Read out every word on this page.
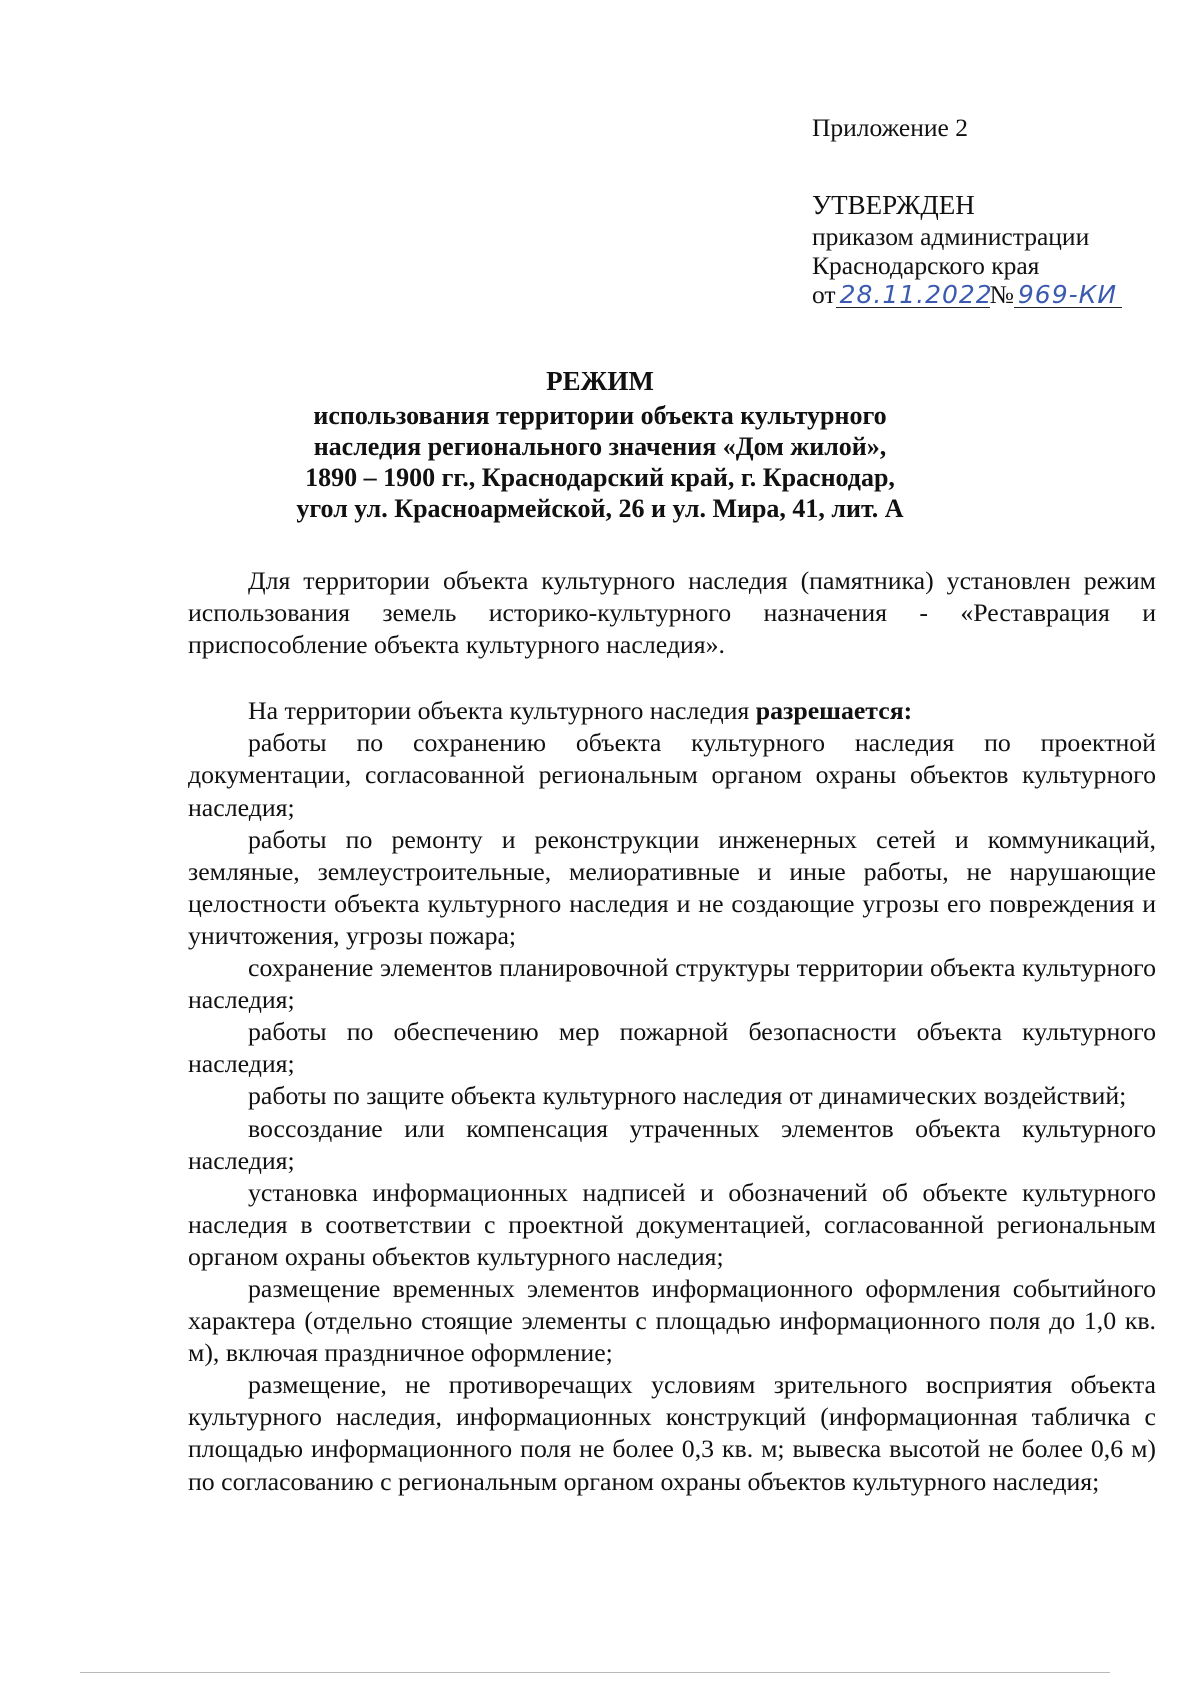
Приложение 2
УТВЕРЖДЕН
приказом администрации
Краснодарского края
от 28.11.2022№ 969-КИ
РЕЖИМ
использования территории объекта культурного
наследия регионального значения «Дом жилой»,
1890 – 1900 гг., Краснодарский край, г. Краснодар,
угол ул. Красноармейской, 26 и ул. Мира, 41, лит. А

Для территории объекта культурного наследия (памятника) установлен режим использования земель историко-культурного назначения - «Реставрация и приспособление объекта культурного наследия».

На территории объекта культурного наследия разрешается:

работы по сохранению объекта культурного наследия по проектной документации, согласованной региональным органом охраны объектов культурного наследия;

работы по ремонту и реконструкции инженерных сетей и коммуникаций, земляные, землеустроительные, мелиоративные и иные работы, не нарушающие целостности объекта культурного наследия и не создающие угрозы его повреждения и уничтожения, угрозы пожара;

сохранение элементов планировочной структуры территории объекта культурного наследия;

работы по обеспечению мер пожарной безопасности объекта культурного наследия;

работы по защите объекта культурного наследия от динамических воздействий;

воссоздание или компенсация утраченных элементов объекта культурного наследия;

установка информационных надписей и обозначений об объекте культурного наследия в соответствии с проектной документацией, согласованной региональным органом охраны объектов культурного наследия;

размещение временных элементов информационного оформления событийного характера (отдельно стоящие элементы с площадью информационного поля до 1,0 кв. м), включая праздничное оформление;

размещение, не противоречащих условиям зрительного восприятия объекта культурного наследия, информационных конструкций (информационная табличка с площадью информационного поля не более 0,3 кв. м; вывеска высотой не более 0,6 м) по согласованию с региональным органом охраны объектов культурного наследия;
